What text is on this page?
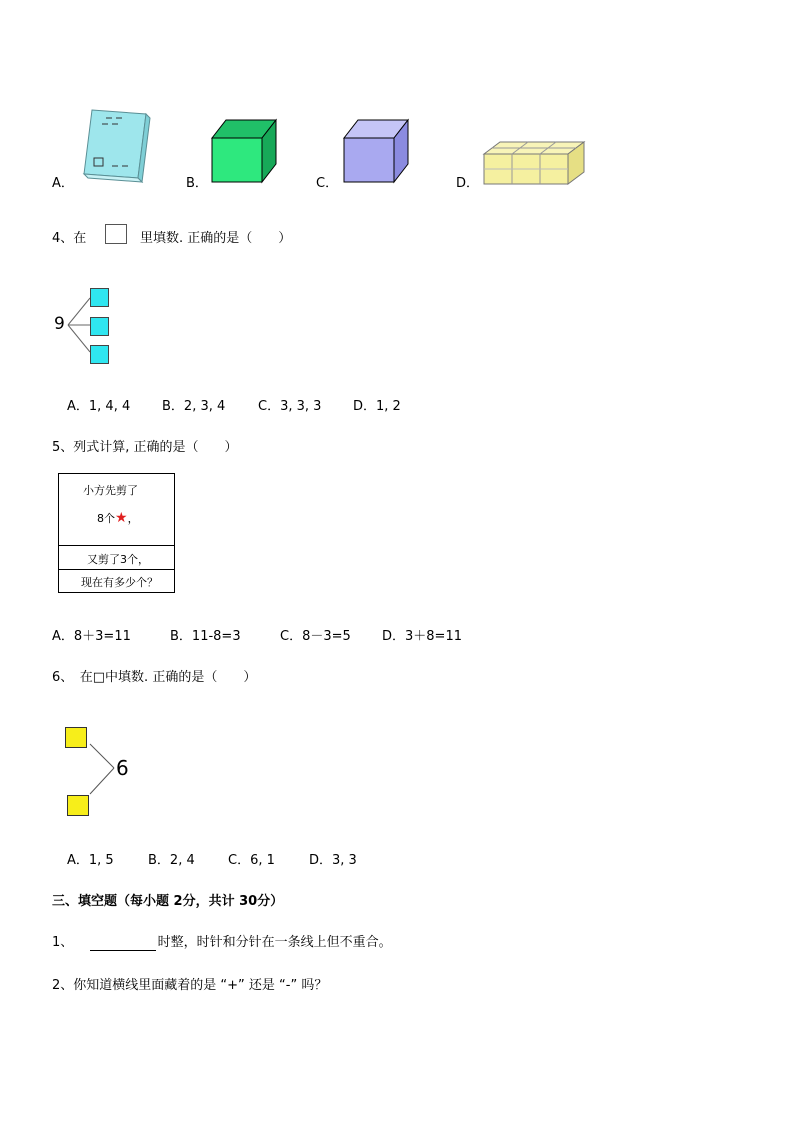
A．	B．	C．	D．
4、在	里填数. 正确的是（　　）
9
A．1, 4, 4 B．2, 3, 4	C．3, 3, 3 D．1, 2
5、列式计算, 正确的是（　　）
小方先剪了
8个★，
又剪了3个，
现在有多少个？
A．8＋3=11	B．11-8=3	C．8－3=5 D．3＋8=11
6、　在□中填数. 正确的是（　　）
6
A．1, 5	B．2, 4	C．6, 1	D．3, 3
三、填空题（每小题 2分，共计 30分）
1、	时整，时针和分针在一条线上但不重合。
2、你知道横线里面藏着的是 “+” 还是 “-” 吗？
